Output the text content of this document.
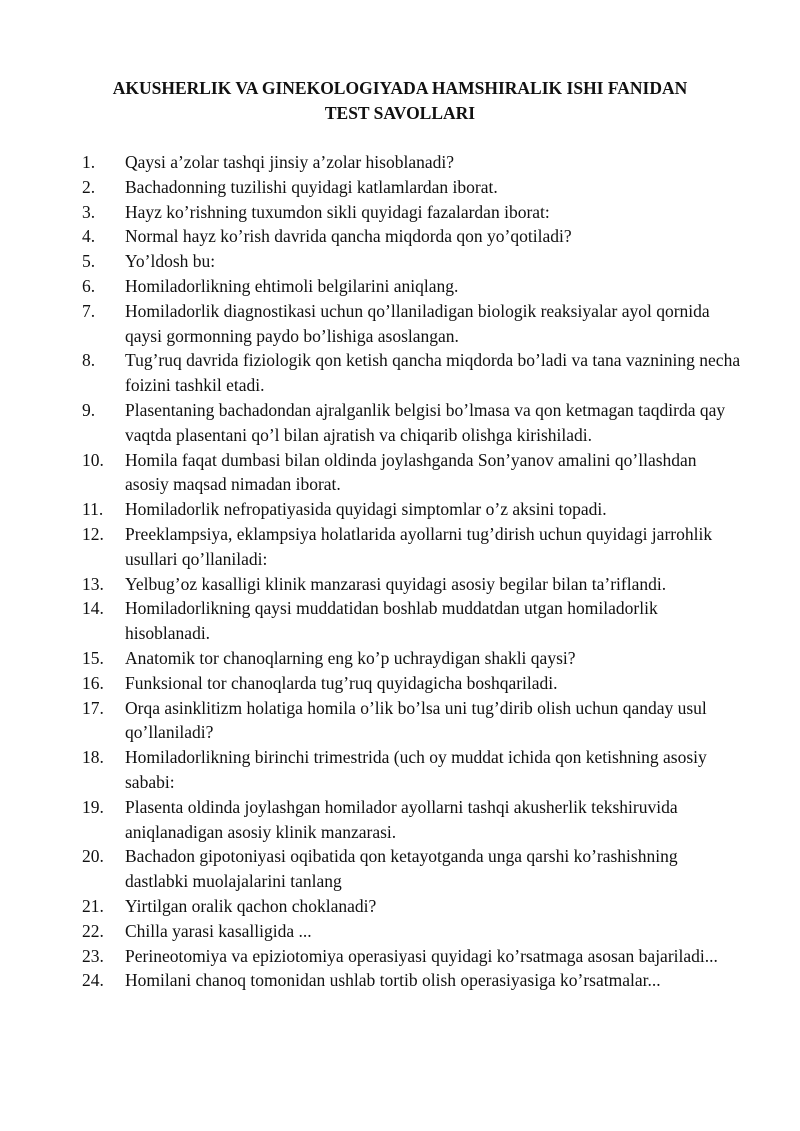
AKUSHERLIK VA GINEKOLOGIYADA HAMSHIRALIK ISHI FANIDAN
TEST SAVOLLARI
1.	Qaysi a’zolar tashqi jinsiy a’zolar hisoblanadi?
2.	Bachadonning tuzilishi quyidagi katlamlardan iborat.
3.	Hayz ko’rishning tuxumdon sikli quyidagi fazalardan iborat:
4.	Normal hayz ko’rish davrida qancha miqdorda qon yo’qotiladi?
5.	Yo’ldosh bu:
6.	Homiladorlikning ehtimoli belgilarini aniqlang.
7.	Homiladorlik diagnostikasi uchun qo’llaniladigan biologik reaksiyalar ayol qornida qaysi gormonning paydo bo’lishiga asoslangan.
8.	Tug’ruq davrida fiziologik qon ketish qancha miqdorda bo’ladi va tana vaznining necha foizini tashkil etadi.
9.	Plasentaning bachadondan ajralganlik belgisi bo’lmasa va qon ketmagan taqdirda qay vaqtda plasentani qo’l bilan ajratish va chiqarib olishga kirishiladi.
10.	Homila faqat dumbasi bilan oldinda joylashganda Son’yanov amalini qo’llashdan asosiy maqsad nimadan iborat.
11.	Homiladorlik nefropatiyasida quyidagi simptomlar o’z aksini topadi.
12.	Preeklampsiya, eklampsiya holatlarida ayollarni tug’dirish uchun quyidagi jarrohlik usullari qo’llaniladi:
13.	Yelbug’oz kasalligi klinik manzarasi quyidagi asosiy begilar bilan ta’riflandi.
14.	Homiladorlikning qaysi muddatidan boshlab muddatdan utgan homiladorlik hisoblanadi.
15.	Anatomik tor chanoqlarning eng ko’p uchraydigan shakli qaysi?
16.	Funksional tor chanoqlarda tug’ruq quyidagicha boshqariladi.
17.	Orqa asinklitizm holatiga homila o’lik bo’lsa uni tug’dirib olish uchun qanday usul qo’llaniladi?
18.	Homiladorlikning birinchi trimestrida (uch oy muddat ichida qon ketishning asosiy sababi:
19.	Plasenta oldinda joylashgan homilador ayollarni tashqi akusherlik tekshiruvida aniqlanadigan asosiy klinik manzarasi.
20.	Bachadon gipotoniyasi oqibatida qon ketayotganda unga qarshi ko’rashishning dastlabki muolajalarini tanlang
21.	Yirtilgan oralik qachon choklanadi?
22.	Chilla yarasi kasalligida ...
23.	Perineotomiya va epiziotomiya operasiyasi quyidagi ko’rsatmaga asosan bajariladi...
24.	Homilani chanoq tomonidan ushlab tortib olish operasiyasiga ko’rsatmalar...
